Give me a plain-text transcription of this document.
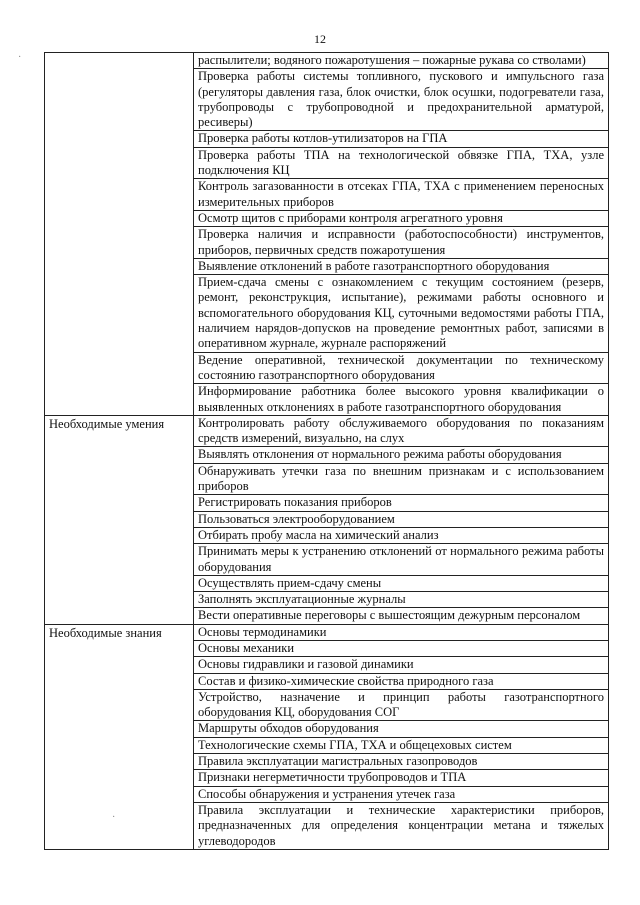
12
	распылители; водяного пожаротушения – пожарные рукава со стволами)
	Проверка работы системы топливного, пускового и импульсного газа (регуляторы давления газа, блок очистки, блок осушки, подогреватели газа, трубопроводы с трубопроводной и предохранительной арматурой, ресиверы)
	Проверка работы котлов-утилизаторов на ГПА
	Проверка работы ТПА на технологической обвязке ГПА, ТХА, узле подключения КЦ
	Контроль загазованности в отсеках ГПА, ТХА с применением переносных измерительных приборов
	Осмотр щитов с приборами контроля агрегатного уровня
	Проверка наличия и исправности (работоспособности) инструментов, приборов, первичных средств пожаротушения
	Выявление отклонений в работе газотранспортного оборудования
	Прием-сдача смены с ознакомлением с текущим состоянием (резерв, ремонт, реконструкция, испытание), режимами работы основного и вспомогательного оборудования КЦ, суточными ведомостями работы ГПА, наличием нарядов-допусков на проведение ремонтных работ, записями в оперативном журнале, журнале распоряжений
	Ведение оперативной, технической документации по техническому состоянию газотранспортного оборудования
	Информирование работника более высокого уровня квалификации о выявленных отклонениях в работе газотранспортного оборудования
Необходимые умения	Контролировать работу обслуживаемого оборудования по показаниям средств измерений, визуально, на слух
	Выявлять отклонения от нормального режима работы оборудования
	Обнаруживать утечки газа по внешним признакам и с использованием приборов
	Регистрировать показания приборов
	Пользоваться электрооборудованием
	Отбирать пробу масла на химический анализ
	Принимать меры к устранению отклонений от нормального режима работы оборудования
	Осуществлять прием-сдачу смены
	Заполнять эксплуатационные журналы
	Вести оперативные переговоры с вышестоящим дежурным персоналом
Необходимые знания	Основы термодинамики
	Основы механики
	Основы гидравлики и газовой динамики
	Состав и физико-химические свойства природного газа
	Устройство, назначение и принцип работы газотранспортного оборудования КЦ, оборудования СОГ
	Маршруты обходов оборудования
	Технологические схемы ГПА, ТХА и общецеховых систем
	Правила эксплуатации магистральных газопроводов
	Признаки негерметичности трубопроводов и ТПА
	Способы обнаружения и устранения утечек газа
	Правила эксплуатации и технические характеристики приборов, предназначенных для определения концентрации метана и тяжелых углеводородов
·
·
